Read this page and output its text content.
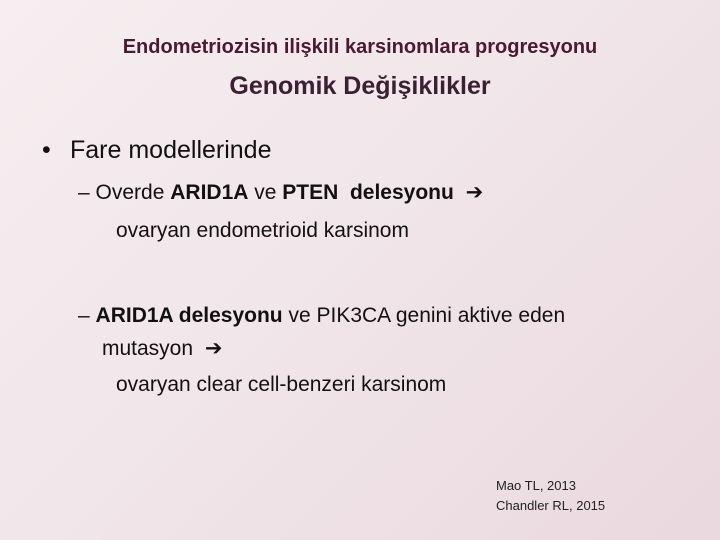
Endometriozisin ilişkili karsinomlara progresyonu
Genomik Değişiklikler
• Fare modellerinde
– Overde ARID1A ve PTEN  delesyonu ➔
ovaryan endometrioid karsinom
– ARID1A delesyonu ve PIK3CA genini aktive eden
mutasyon ➔
ovaryan clear cell-benzeri karsinom
Mao TL, 2013
Chandler RL, 2015
